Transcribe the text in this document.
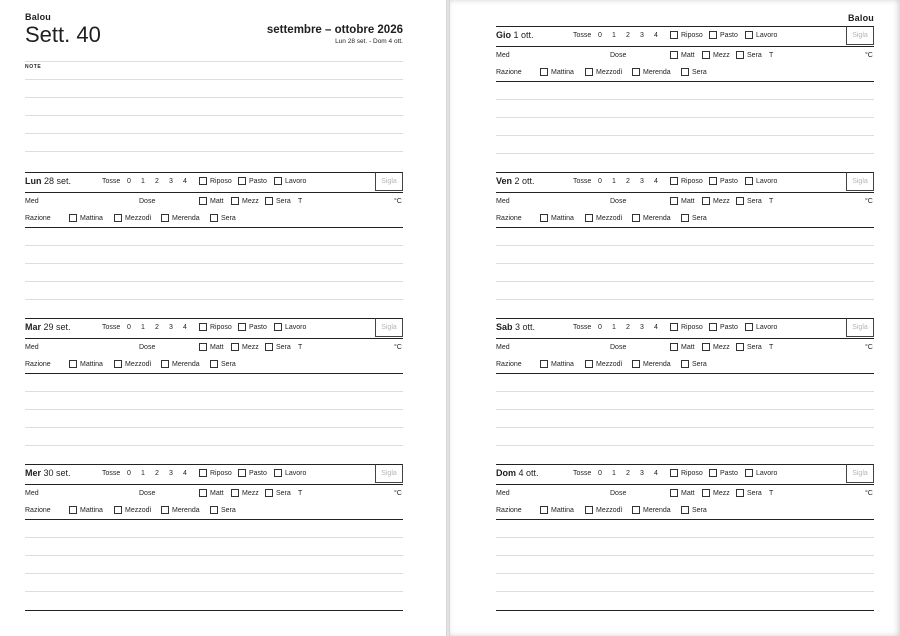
Balou
Sett. 40	settembre – ottobre 2026
Lun 28 set. - Dom 4 ott.
NOTE
Sigla
Lun 28 set.	Tosse 0 1 2 3 4	Riposo Pasto	Lavoro
Med	Dose	Matt	Mezz Sera T	°C
Razione	Mattina	Mezzodì	Merenda	Sera
Sigla
Mar 29 set.	Tosse 0 1 2 3 4	Riposo Pasto	Lavoro
Med	Dose	Matt	Mezz Sera T	°C
Razione	Mattina	Mezzodì	Merenda	Sera
Sigla
Mer 30 set.	Tosse 0 1 2 3 4	Riposo Pasto	Lavoro
Med	Dose	Matt	Mezz Sera T	°C
Razione	Mattina	Mezzodì	Merenda	Sera
Balou
Sigla
Gio 1 ott.	Tosse 0 1 2 3 4	Riposo Pasto	Lavoro
Med	Dose	Matt	Mezz Sera T	°C
Razione	Mattina	Mezzodì	Merenda	Sera
Sigla
Ven 2 ott.	Tosse 0 1 2 3 4	Riposo Pasto	Lavoro
Med	Dose	Matt	Mezz Sera T	°C
Razione	Mattina	Mezzodì	Merenda	Sera
Sigla
Sab 3 ott.	Tosse 0 1 2 3 4	Riposo Pasto	Lavoro
Med	Dose	Matt	Mezz Sera T	°C
Razione	Mattina	Mezzodì	Merenda	Sera
Sigla
Dom 4 ott.	Tosse 0 1 2 3 4	Riposo Pasto	Lavoro
Med	Dose	Matt	Mezz Sera T	°C
Razione	Mattina	Mezzodì	Merenda	Sera
